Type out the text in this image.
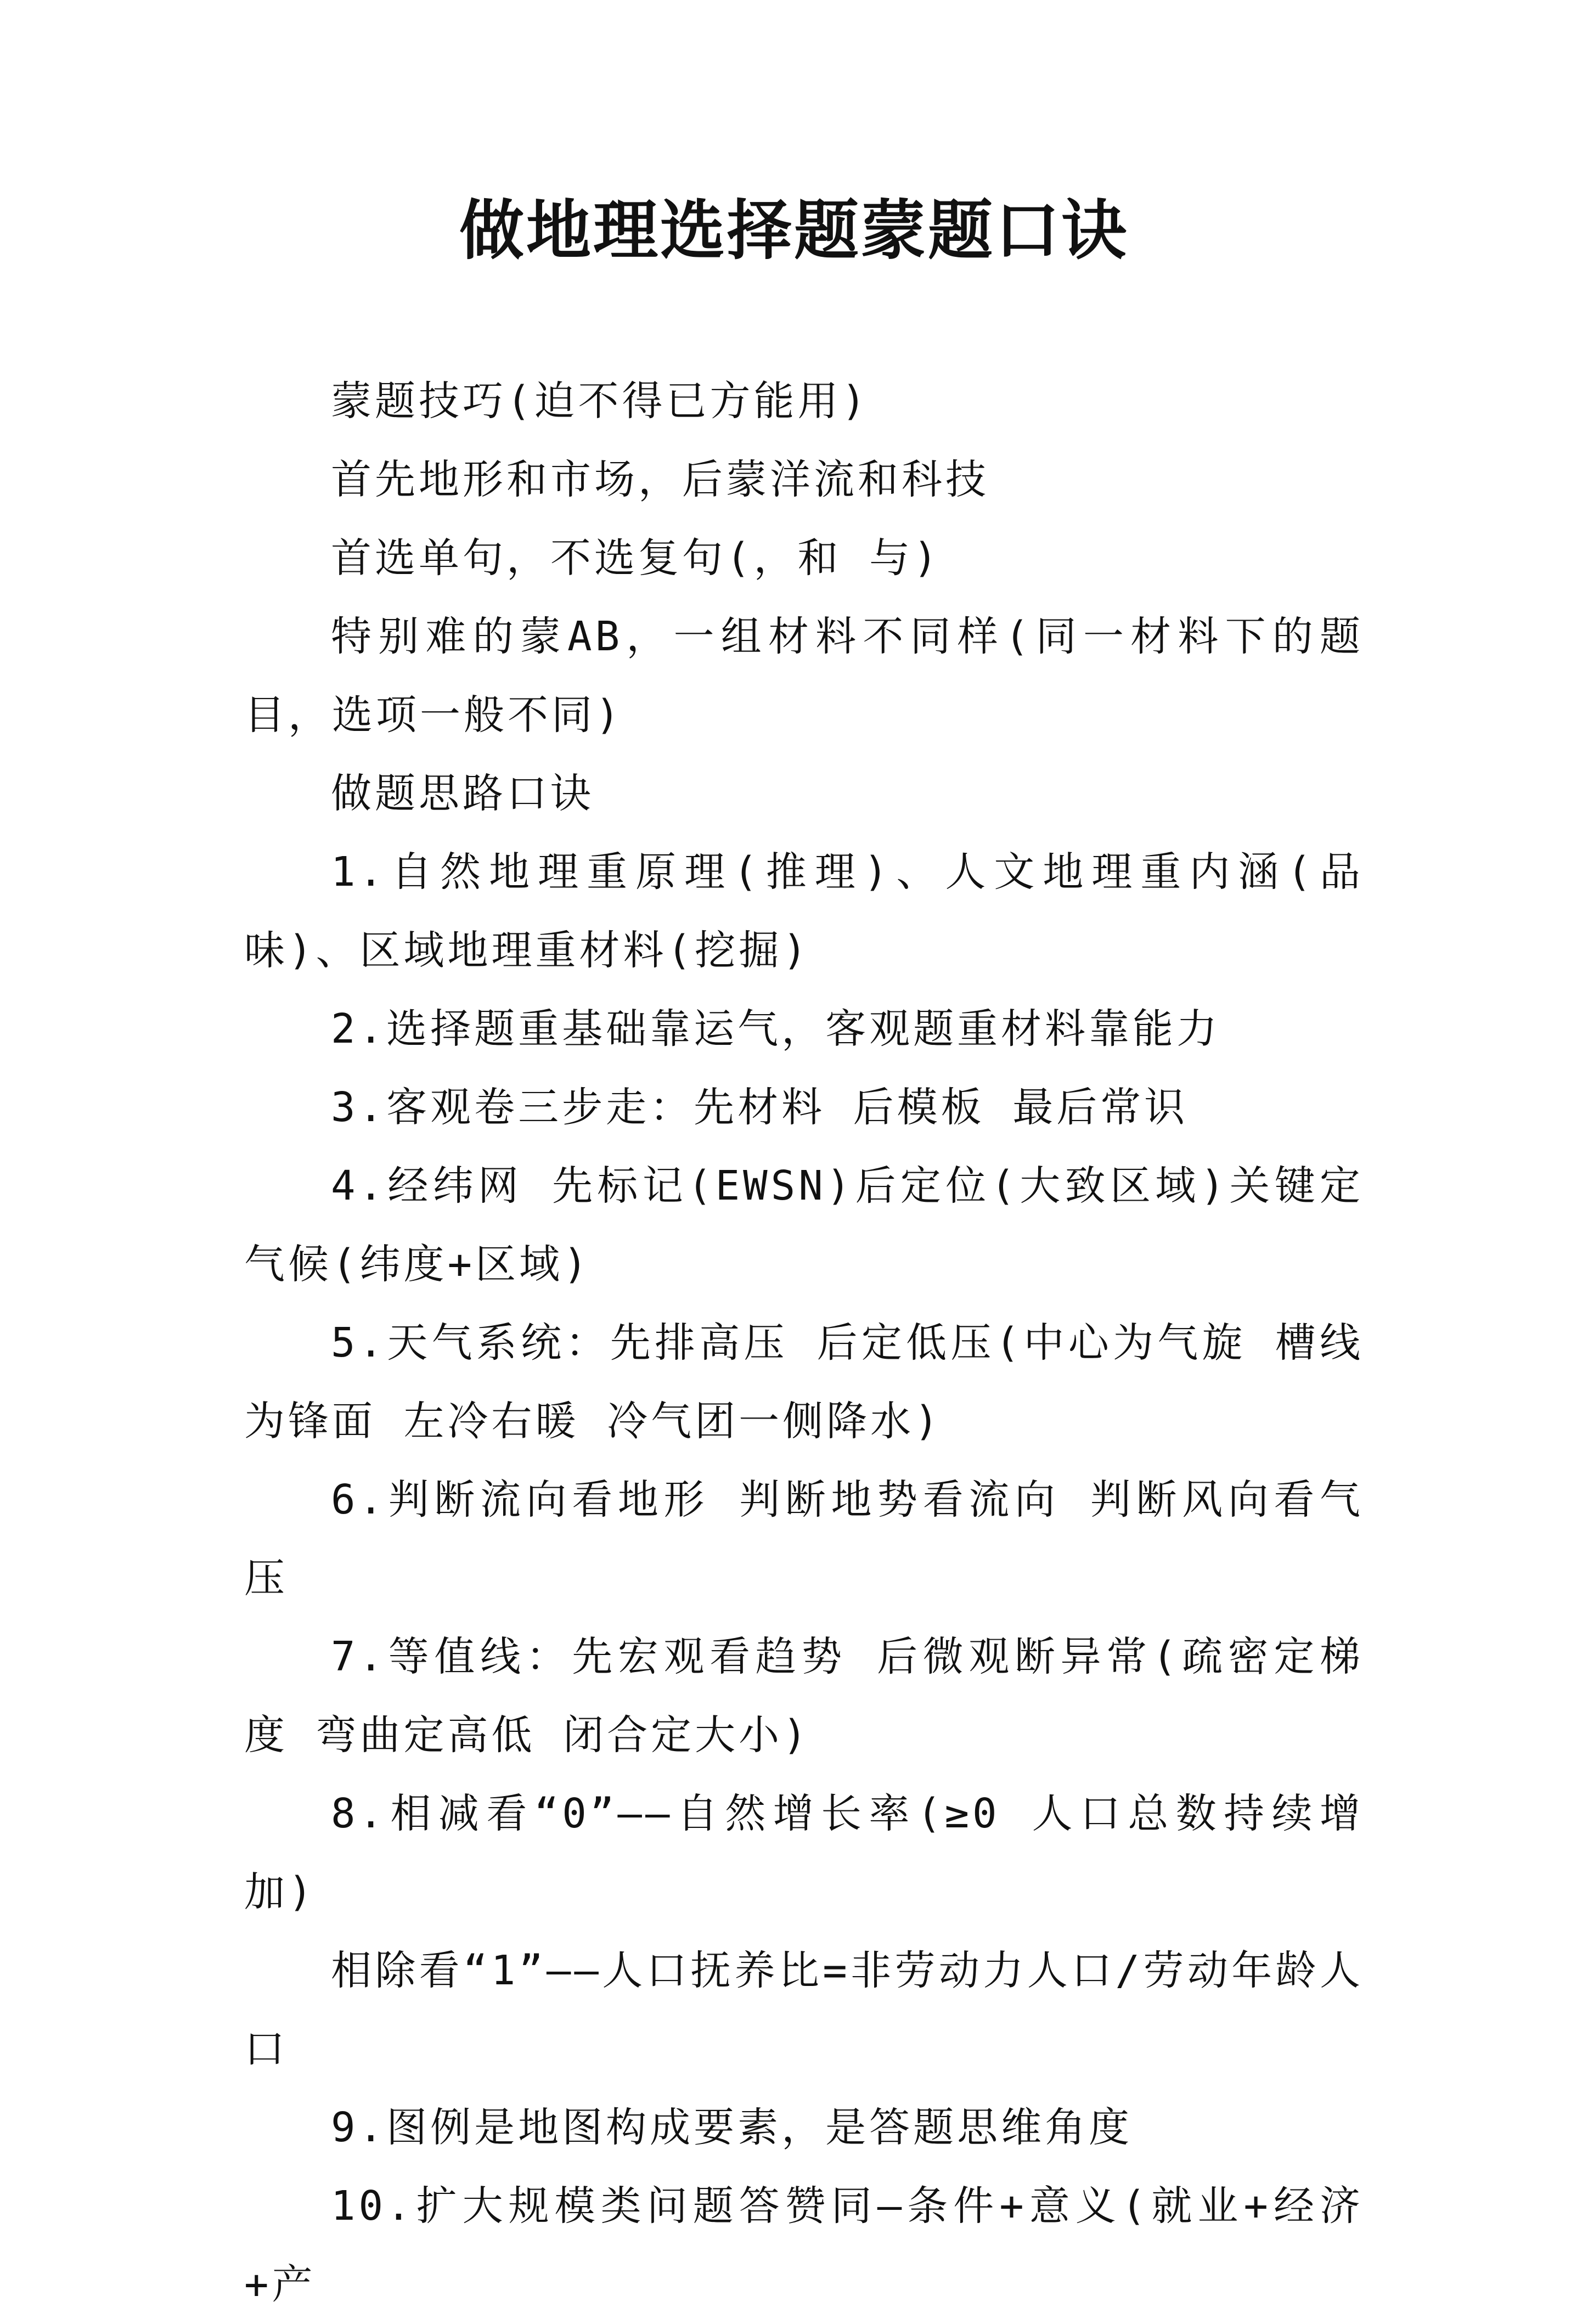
做地理选择题蒙题口诀

蒙题技巧(迫不得已方能用)

首先地形和市场，后蒙洋流和科技

首选单句，不选复句(，和 与)

特别难的蒙AB，一组材料不同样(同一材料下的题目，选项一般不同)

做题思路口诀

1.自然地理重原理(推理)、人文地理重内涵(品味)、区域地理重材料(挖掘)

2.选择题重基础靠运气，客观题重材料靠能力

3.客观卷三步走：先材料 后模板 最后常识

4.经纬网 先标记(EWSN)后定位(大致区域)关键定气候(纬度+区域)

5.天气系统：先排高压 后定低压(中心为气旋 槽线为锋面 左冷右暖 冷气团一侧降水)

6.判断流向看地形 判断地势看流向 判断风向看气压

7.等值线：先宏观看趋势 后微观断异常(疏密定梯度 弯曲定高低 闭合定大小)

8.相减看“0”——自然增长率(≥0 人口总数持续增加)

相除看“1”——人口抚养比=非劳动力人口/劳动年龄人口

9.图例是地图构成要素，是答题思维角度

10.扩大规模类问题答赞同—条件+意义(就业+经济+产
